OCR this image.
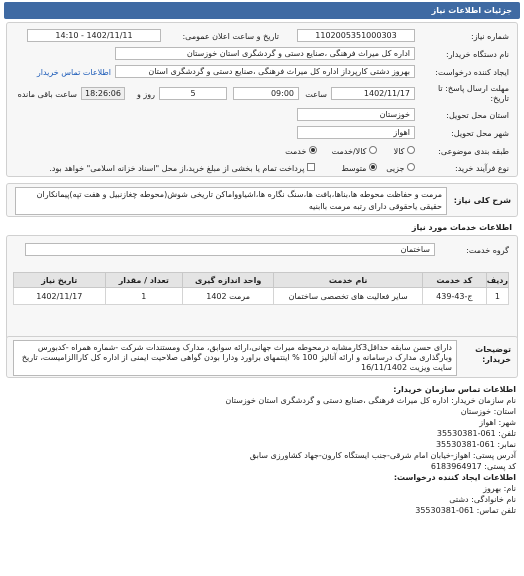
جزئیات اطلاعات نیاز
شماره نیاز:
1102005351000303
تاریخ و ساعت اعلان عمومی:
1402/11/11 - 14:10
نام دستگاه خریدار:
اداره کل میراث فرهنگی ،صنایع دستی و گردشگری استان خوزستان
ایجاد کننده درخواست:
بهروز دشتی کارپرداز اداره کل میراث فرهنگی ،صنایع دستی و گردشگری استان
اطلاعات تماس خریدار
مهلت ارسال پاسخ: تا
تاریخ:
1402/11/17
ساعت
09:00
5
روز و
18:26:06
ساعت باقی مانده
استان محل تحویل:
خوزستان
شهر محل تحویل:
اهواز
طبقه بندی موضوعی:
کالا
کالا/خدمت
خدمت
نوع فرآیند خرید:
جزیی
متوسط
پرداخت تمام یا بخشی از مبلغ خرید،از محل "اسناد خزانه اسلامی" خواهد بود.
شرح کلی نیاز:
مرمت و حفاظت محوطه ها،بناها،بافت ها،سنگ نگاره ها،اشیاوواماکن تاریخی شوش(محوطه چغازنبیل و هفت تپه)پیمانکاران
حقیقی یاحقوقی دارای رتبه مرمت باابنیه
اطلاعات خدمات مورد نیاز
گروه خدمت:
ساختمان
ردیف	کد خدمت	نام خدمت	واحد اندازه گیری	تعداد / مقدار	تاریخ نیاز
1	ج-43-439	سایر فعالیت های تخصصی ساختمان	مرمت 1402	1	1402/11/17
توضیحات خریدار:
دارای حسن سابقه حداقل3کارمشابه درمحوطه میراث جهانی،ارائه سوابق، مدارک ومستندات شرکت -شماره همراه -کدبورس وبارگذاری مدارک درسامانه و ارائه آنالیز 100 % اینتمهای براورد ودارا بودن گواهی صلاحیت ایمنی از اداره کل کاراالزامیست، تاریخ سایت ویزیت 16/11/1402
اطلاعات تماس سازمان خریدار:
نام سازمان خریدار: اداره کل میراث فرهنگی ،صنایع دستی و گردشگری استان خوزستان
استان: خوزستان
شهر: اهواز
تلفن: 061-35530381
نمابر: 061-35530381
آدرس پستی: اهواز-خیابان امام شرقی-جنب ایستگاه کارون-جهاد کشاورزی سابق
کد پستی: 6183964917
اطلاعات ایجاد کننده درخواست:
نام: بهروز
نام خانوادگی: دشتی
تلفن تماس: 061-35530381
​
